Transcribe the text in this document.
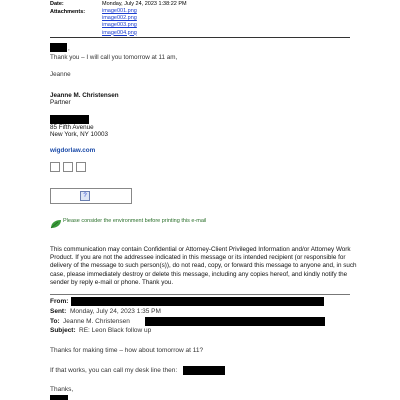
Date:	Monday, July 24, 2023 1:38:22 PM
Attachments:	image001.png
image002.png
image003.png
image004.png
,
Thank you – I will call you tomorrow at 11 am,
Jeanne
Jeanne M. Christensen
Partner
85 Fifth Avenue
New York, NY 10003
wigdorlaw.com
?
Please consider the environment before printing this e-mail
This communication may contain Confidential or Attorney-Client Privileged Information and/or Attorney Work Product. If you are not the addressee indicated in this message or its intended recipient (or responsible for delivery of the message to such person(s)), do not read, copy, or forward this message to anyone and, in such case, please immediately destroy or delete this message, including any copies hereof, and kindly notify the sender by reply e-mail or phone. Thank you.
From:
Sent: Monday, July 24, 2023 1:35 PM
To: Jeanne M. Christensen
Subject: RE: Leon Black follow up
Thanks for making time – how about tomorrow at 11?
If that works, you can call my desk line then:
Thanks,
